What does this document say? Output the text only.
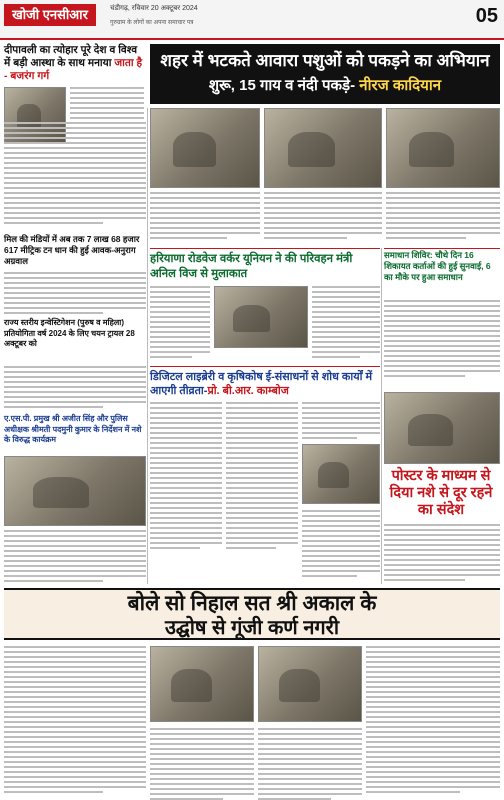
खोजी एनसीआर	चंडीगढ़, रविवार 20 अक्टूबर 2024
गुरुग्राम के लोगों का अपना समाचार पत्र	05
दीपावली का त्योहार पूरे देश व विश्व में बड़ी आस्था के साथ मनाया जाता है - बजरंग गर्ग
शहर में भटकते आवारा पशुओं को पकड़ने का अभियान
शुरू, 15 गाय व नंदी पकड़े- नीरज कादियान
मिल की मंडियों में अब तक 7 लाख 68 हजार 617 मीट्रिक टन धान की हुई आवक-अनुराग अग्रवाल
राज्य स्तरीय इन्वेस्टिगेशन (पुरुष व महिला) प्रतियोगिता वर्ष 2024 के लिए चयन ट्रायल 28 अक्टूबर को
ए.एस.पी. प्रमुख श्री अजीत सिंह और पुलिस अधीक्षक श्रीमती पदमुनी कुमार के निर्देशन में नशे के विरुद्ध कार्यक्रम
हरियाणा रोडवेज वर्कर यूनियन ने की परिवहन मंत्री अनिल विज से मुलाकात
समाधान शिविर: चौथे दिन 16 शिकायत कर्ताओं की हुई सुनवाई, 6 का मौके पर हुआ समाधान
डिजिटल लाइब्रेरी व कृषिकोष ई-संसाधनों से शोध कार्यों में आएगी तीव्रता-प्रो. बी.आर. काम्बोज
पोस्टर के माध्यम से दिया नशे से दूर रहने का संदेश
बोले सो निहाल सत श्री अकाल के
उद्घोष से गूंजी कर्ण नगरी
